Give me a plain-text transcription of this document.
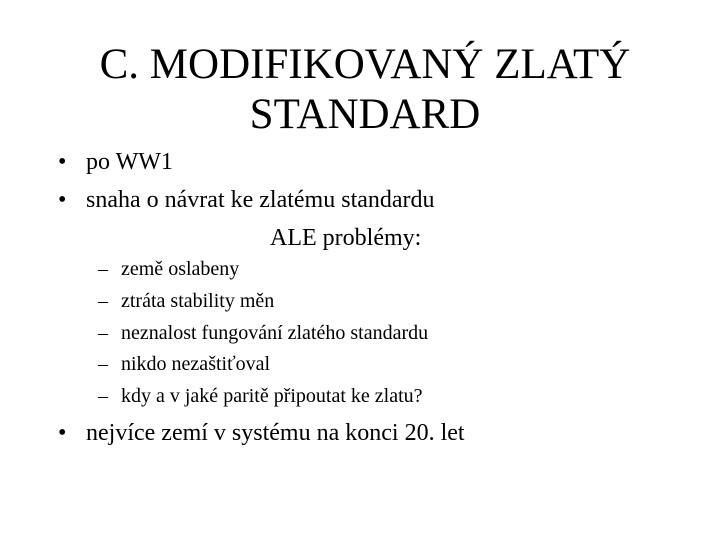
C. MODIFIKOVANÝ ZLATÝ
STANDARD
• po WW1
• snaha o návrat ke zlatému standardu
ALE problémy:
– země oslabeny
– ztráta stability měn
– neznalost fungování zlatého standardu
– nikdo nezaštiťoval
– kdy a v jaké paritě připoutat ke zlatu?
• nejvíce zemí v systému na konci 20. let
